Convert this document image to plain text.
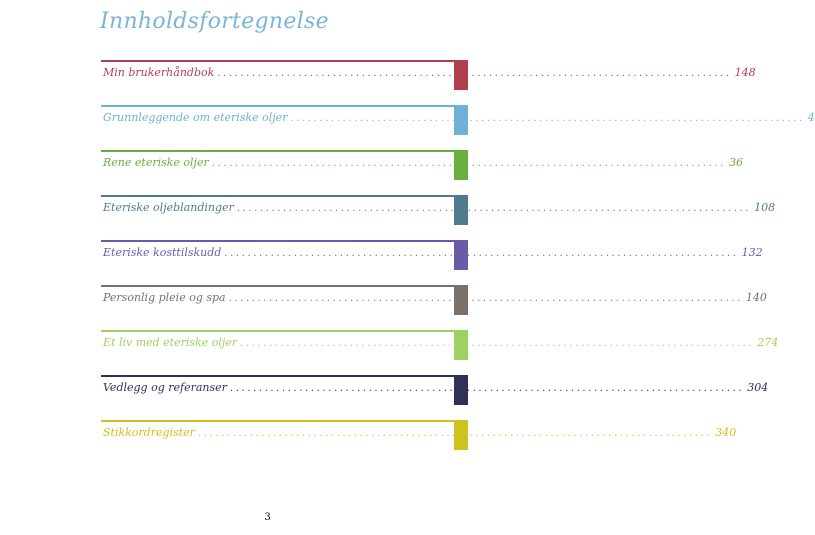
Innholdsfortegnelse
Min brukerhåndbok ......................................................................................... 148
Grunnleggende om eteriske oljer ......................................................................................... 4
Rene eteriske oljer ......................................................................................... 36
Eteriske oljeblandinger ......................................................................................... 108
Eteriske kosttilskudd ......................................................................................... 132
Personlig pleie og spa ......................................................................................... 140
Et liv med eteriske oljer ......................................................................................... 274
Vedlegg og referanser ......................................................................................... 304
Stikkordregister ......................................................................................... 340
3
